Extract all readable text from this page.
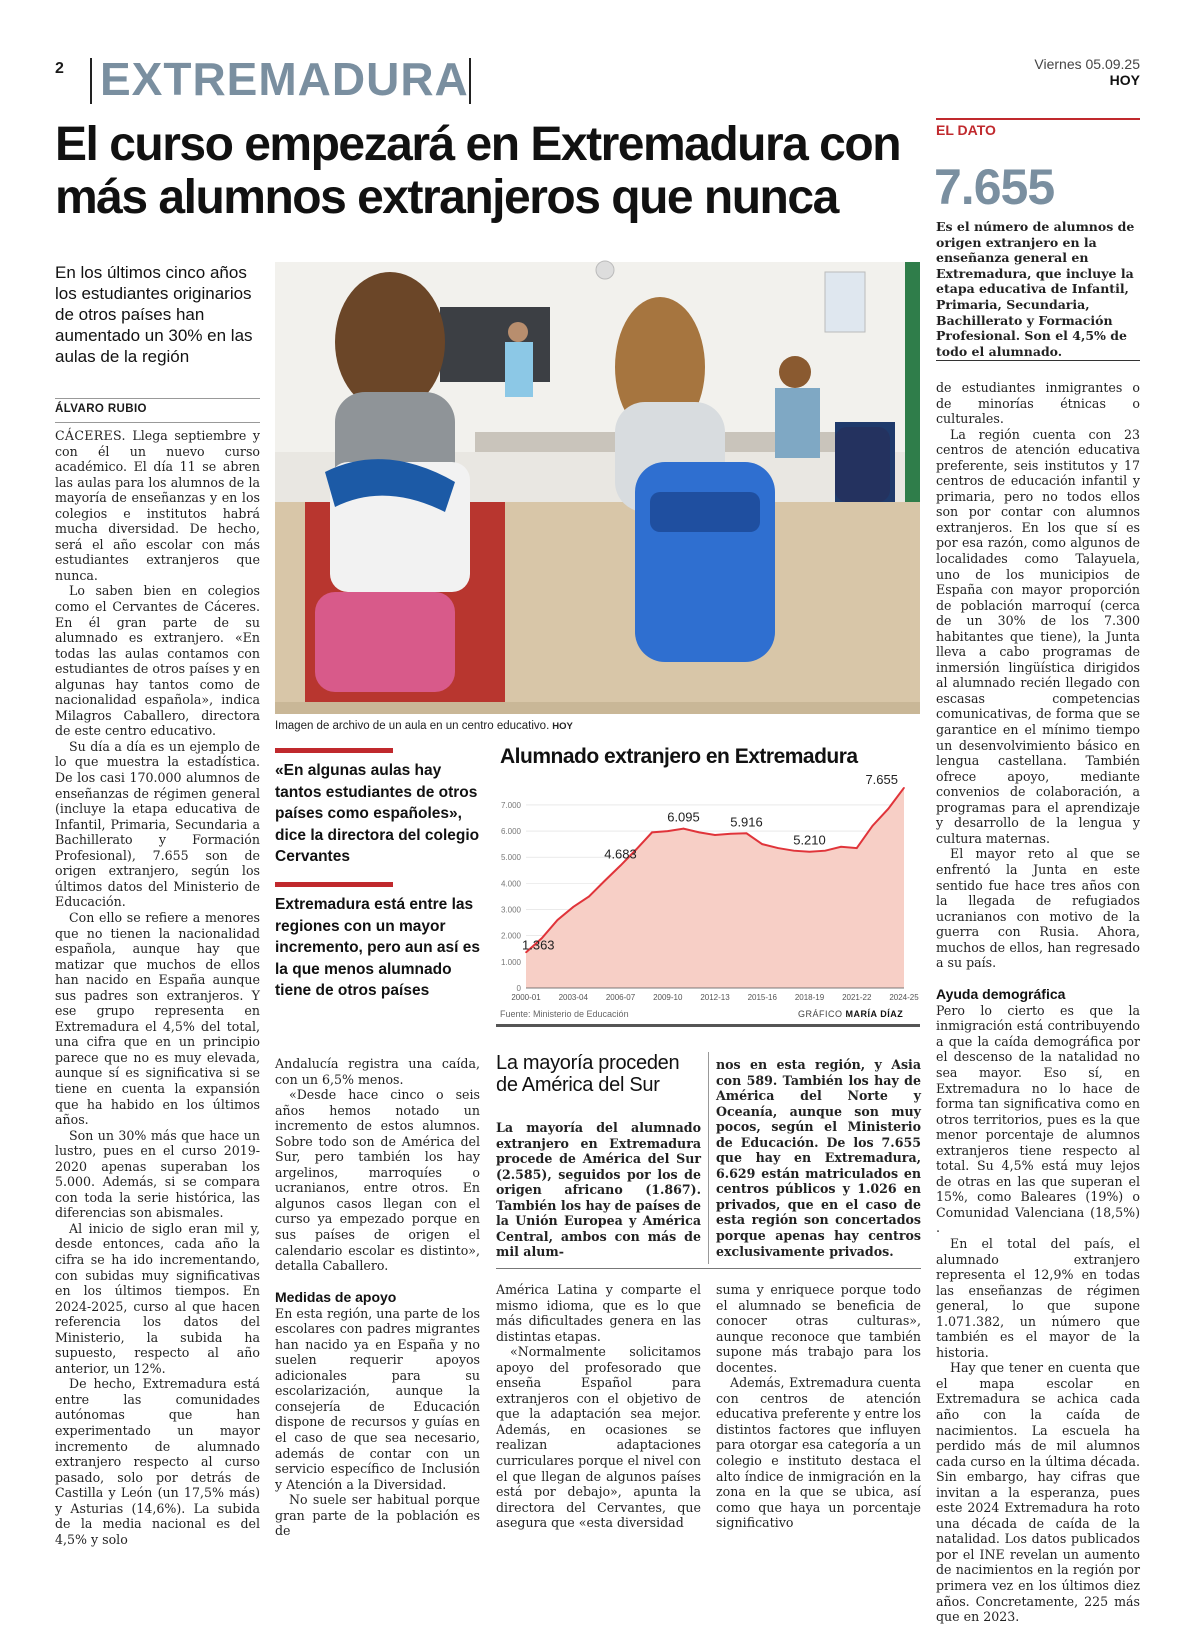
2 EXTREMADURA	Viernes 05.09.25
HOY
El curso empezará en Extremadura con más alumnos extranjeros que nunca
EL DATO
7.655
Es el número de alumnos de origen extranjero en la enseñanza general en Extremadura, que incluye la etapa educativa de Infantil, Primaria, Secundaria, Bachillerato y Formación Profesional. Son el 4,5% de todo el alumnado.
En los últimos cinco años los estudiantes originarios de otros países han aumentado un 30% en las aulas de la región
ÁLVARO RUBIO

CÁCERES. Llega septiembre y con él un nuevo curso académico. El día 11 se abren las aulas para los alumnos de la mayoría de enseñanzas y en los colegios e institutos habrá mucha diversidad. De hecho, será el año escolar con más estudiantes extranjeros que nunca.

Lo saben bien en colegios como el Cervantes de Cáceres. En él gran parte de su alumnado es extranjero. «En todas las aulas contamos con estudiantes de otros países y en algunas hay tantos como de nacionalidad española», indica Milagros Caballero, directora de este centro educativo.

Su día a día es un ejemplo de lo que muestra la estadística. De los casi 170.000 alumnos de enseñanzas de régimen general (incluye la etapa educativa de Infantil, Primaria, Secundaria a Bachillerato y Formación Profesional), 7.655 son de origen extranjero, según los últimos datos del Ministerio de Educación.

Con ello se refiere a menores que no tienen la nacionalidad española, aunque hay que matizar que muchos de ellos han nacido en España aunque sus padres son extranjeros. Y ese grupo representa en Extremadura el 4,5% del total, una cifra que en un principio parece que no es muy elevada, aunque sí es significativa si se tiene en cuenta la expansión que ha habido en los últimos años.

Son un 30% más que hace un lustro, pues en el curso 2019-2020 apenas superaban los 5.000. Además, si se compara con toda la serie histórica, las diferencias son abismales.

Al inicio de siglo eran mil y, desde entonces, cada año la cifra se ha ido incrementando, con subidas muy significativas en los últimos tiempos. En 2024-2025, curso al que hacen referencia los datos del Ministerio, la subida ha supuesto, respecto al año anterior, un 12%.

De hecho, Extremadura está entre las comunidades autónomas que han experimentado un mayor incremento de alumnado extranjero respecto al curso pasado, solo por detrás de Castilla y León (un 17,5% más) y Asturias (14,6%). La subida de la media nacional es del 4,5% y solo

Imagen de archivo de un aula en un centro educativo. HOY
«En algunas aulas hay tantos estudiantes de otros países como españoles», dice la directora del colegio Cervantes
Extremadura está entre las regiones con un mayor incremento, pero aun así es la que menos alumnado tiene de otros países
Alumnado extranjero en Extremadura
0
1.000
2.000
3.000
4.000
5.000
6.000
7.000
2000-01 2003-04 2006-07 2009-10 2012-13 2015-16 2018-19 2021-22 2024-25
1.363
4.683
6.095 5.916
5.210
7.655
Fuente: Ministerio de Educación	GRÁFICO MARÍA DÍAZ

Andalucía registra una caída, con un 6,5% menos.

«Desde hace cinco o seis años hemos notado un incremento de estos alumnos. Sobre todo son de América del Sur, pero también los hay argelinos, marroquíes o ucranianos, entre otros. En algunos casos llegan con el curso ya empezado porque en sus países de origen el calendario escolar es distinto», detalla Caballero.

Medidas de apoyo

En esta región, una parte de los escolares con padres migrantes han nacido ya en España y no suelen requerir apoyos adicionales para su escolarización, aunque la consejería de Educación dispone de recursos y guías en el caso de que sea necesario, además de contar con un servicio específico de Inclusión y Atención a la Diversidad.

No suele ser habitual porque gran parte de la población es de

La mayoría proceden de América del Sur
La mayoría del alumnado extranjero en Extremadura procede de América del Sur (2.585), seguidos por los de origen africano (1.867). También los hay de países de la Unión Europea y América Central, ambos con más de mil alum-
nos en esta región, y Asia con 589. También los hay de América del Norte y Oceanía, aunque son muy pocos, según el Ministerio de Educación. De los 7.655 que hay en Extremadura, 6.629 están matriculados en centros públicos y 1.026 en privados, que en el caso de esta región son concertados porque apenas hay centros exclusivamente privados.

América Latina y comparte el mismo idioma, que es lo que más dificultades genera en las distintas etapas.

«Normalmente solicitamos apoyo del profesorado que enseña Español para extranjeros con el objetivo de que la adaptación sea mejor. Además, en ocasiones se realizan adaptaciones curriculares porque el nivel con el que llegan de algunos países está por debajo», apunta la directora del Cervantes, que asegura que «esta diversidad

suma y enriquece porque todo el alumnado se beneficia de conocer otras culturas», aunque reconoce que también supone más trabajo para los docentes.

Además, Extremadura cuenta con centros de atención educativa preferente y entre los distintos factores que influyen para otorgar esa categoría a un colegio e instituto destaca el alto índice de inmigración en la zona en la que se ubica, así como que haya un porcentaje significativo

de estudiantes inmigrantes o de minorías étnicas o culturales.

La región cuenta con 23 centros de atención educativa preferente, seis institutos y 17 centros de educación infantil y primaria, pero no todos ellos son por contar con alumnos extranjeros. En los que sí es por esa razón, como algunos de localidades como Talayuela, uno de los municipios de España con mayor proporción de población marroquí (cerca de un 30% de los 7.300 habitantes que tiene), la Junta lleva a cabo programas de inmersión lingüística dirigidos al alumnado recién llegado con escasas competencias comunicativas, de forma que se garantice en el mínimo tiempo un desenvolvimiento básico en lengua castellana. También ofrece apoyo, mediante convenios de colaboración, a programas para el aprendizaje y desarrollo de la lengua y cultura maternas.

El mayor reto al que se enfrentó la Junta en este sentido fue hace tres años con la llegada de refugiados ucranianos con motivo de la guerra con Rusia. Ahora, muchos de ellos, han regresado a su país.

Ayuda demográfica

Pero lo cierto es que la inmigración está contribuyendo a que la caída demográfica por el descenso de la natalidad no sea mayor. Eso sí, en Extremadura no lo hace de forma tan significativa como en otros territorios, pues es la que menor porcentaje de alumnos extranjeros tiene respecto al total. Su 4,5% está muy lejos de otras en las que superan el 15%, como Baleares (19%) o Comunidad Valenciana (18,5%) .

En el total del país, el alumnado extranjero representa el 12,9% en todas las enseñanzas de régimen general, lo que supone 1.071.382, un número que también es el mayor de la historia.

Hay que tener en cuenta que el mapa escolar en Extremadura se achica cada año con la caída de nacimientos. La escuela ha perdido más de mil alumnos cada curso en la última década. Sin embargo, hay cifras que invitan a la esperanza, pues este 2024 Extremadura ha roto una década de caída de la natalidad. Los datos publicados por el INE revelan un aumento de nacimientos en la región por primera vez en los últimos diez años. Concretamente, 225 más que en 2023.
